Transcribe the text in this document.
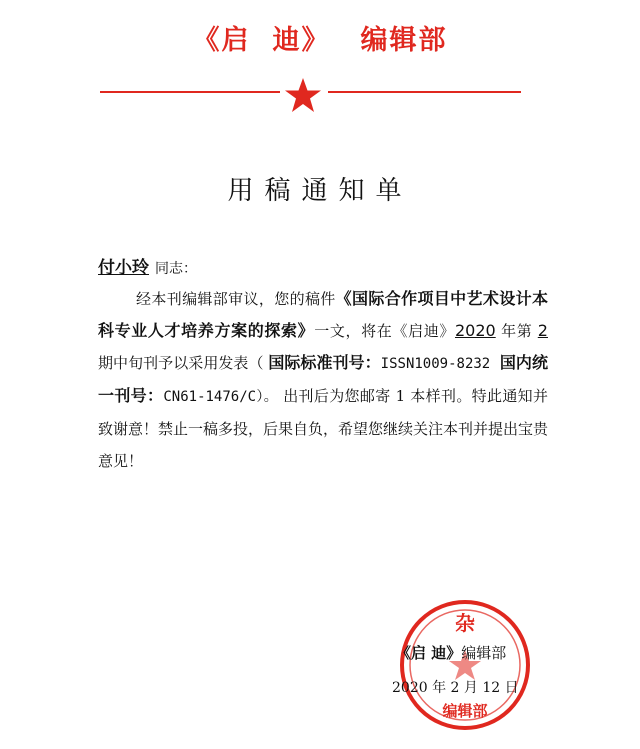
《启 迪》 编辑部
用稿通知单
付小玲 同志：
经本刊编辑部审议，您的稿件《国际合作项目中艺术设计本科专业人才培养方案的探索》一文，将在《启迪》2020 年第 2 期中旬刊予以采用发表（ 国际标准刊号：ISSN1009-8232 国内统一刊号：CN61-1476/C）。 出刊后为您邮寄 1 本样刊。特此通知并致谢意！禁止一稿多投，后果自负，希望您继续关注本刊并提出宝贵意见！
杂
编辑部
《启 迪》编辑部
2020 年 2 月 12 日
